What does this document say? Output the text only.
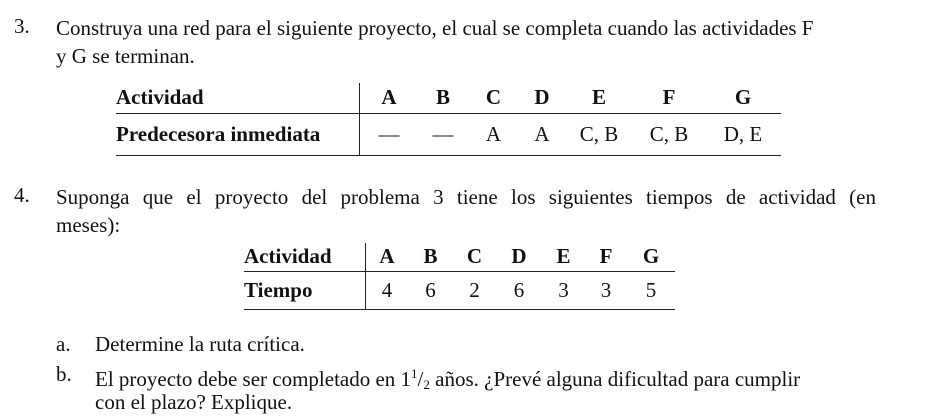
3. Construya una red para el siguiente proyecto, el cual se completa cuando las actividades F
y G se terminan.
Actividad	A	B	C	D	E	F	G
Predecesora inmediata	—	—	A	A	C, B	C, B	D, E
4. Suponga que el proyecto del problema 3 tiene los siguientes tiempos de actividad (en
meses):
Actividad	A	B	C	D	E	F	G
Tiempo	4	6	2	6	3	3	5
a. Determine la ruta crítica.
b. El proyecto debe ser completado en $1^1/_2$ años. ¿Prevé alguna dificultad para cumplir
con el plazo? Explique.
